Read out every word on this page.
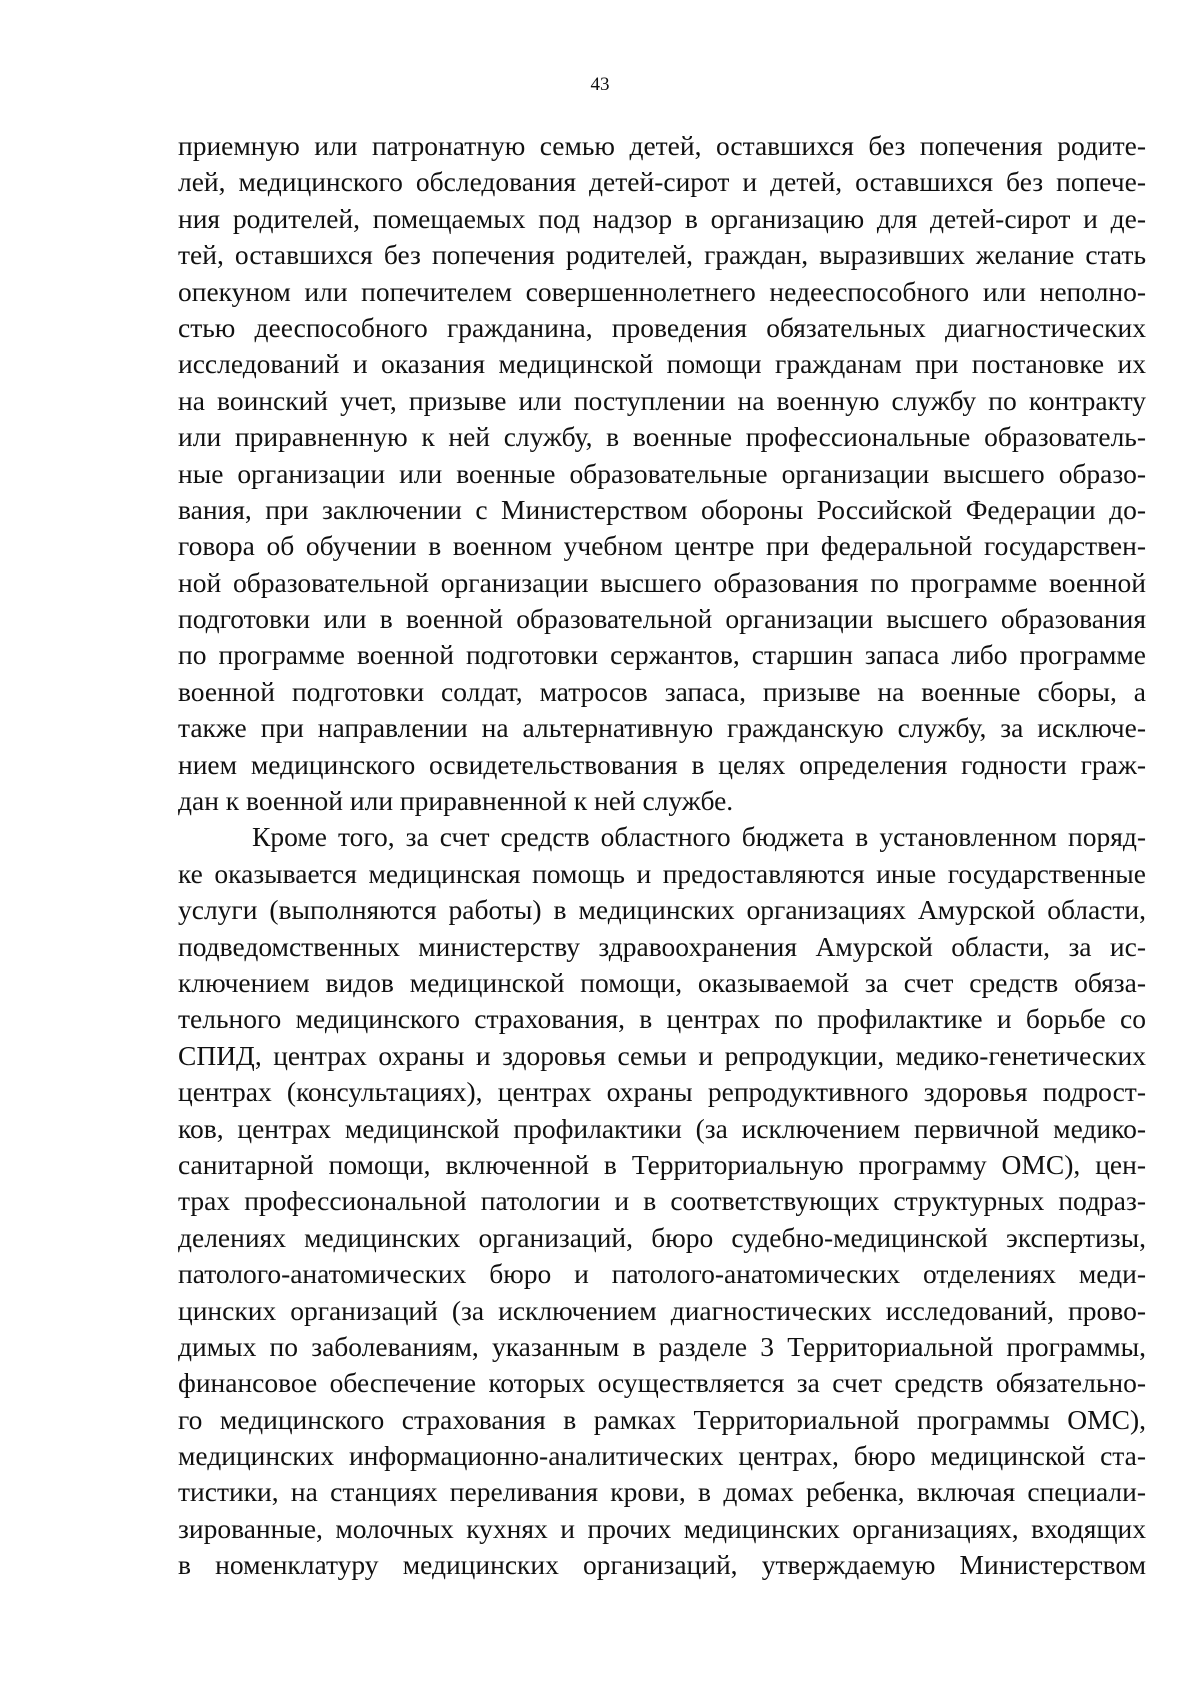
43
приемную или патронатную семью детей, оставшихся без попечения родите-
лей, медицинского обследования детей-сирот и детей, оставшихся без попече-
ния родителей, помещаемых под надзор в организацию для детей-сирот и де-
тей, оставшихся без попечения родителей, граждан, выразивших желание стать
опекуном или попечителем совершеннолетнего недееспособного или неполно-
стью дееспособного гражданина, проведения обязательных диагностических
исследований и оказания медицинской помощи гражданам при постановке их
на воинский учет, призыве или поступлении на военную службу по контракту
или приравненную к ней службу, в военные профессиональные образователь-
ные организации или военные образовательные организации высшего образо-
вания, при заключении с Министерством обороны Российской Федерации до-
говора об обучении в военном учебном центре при федеральной государствен-
ной образовательной организации высшего образования по программе военной
подготовки или в военной образовательной организации высшего образования
по программе военной подготовки сержантов, старшин запаса либо программе
военной подготовки солдат, матросов запаса, призыве на военные сборы, а
также при направлении на альтернативную гражданскую службу, за исключе-
нием медицинского освидетельствования в целях определения годности граж-
дан к военной или приравненной к ней службе.
Кроме того, за счет средств областного бюджета в установленном поряд-
ке оказывается медицинская помощь и предоставляются иные государственные
услуги (выполняются работы) в медицинских организациях Амурской области,
подведомственных министерству здравоохранения Амурской области, за ис-
ключением видов медицинской помощи, оказываемой за счет средств обяза-
тельного медицинского страхования, в центрах по профилактике и борьбе со
СПИД, центрах охраны и здоровья семьи и репродукции, медико-генетических
центрах (консультациях), центрах охраны репродуктивного здоровья подрост-
ков, центрах медицинской профилактики (за исключением первичной медико-
санитарной помощи, включенной в Территориальную программу ОМС), цен-
трах профессиональной патологии и в соответствующих структурных подраз-
делениях медицинских организаций, бюро судебно-медицинской экспертизы,
патолого-анатомических бюро и патолого-анатомических отделениях меди-
цинских организаций (за исключением диагностических исследований, прово-
димых по заболеваниям, указанным в разделе 3 Территориальной программы,
финансовое обеспечение которых осуществляется за счет средств обязательно-
го медицинского страхования в рамках Территориальной программы ОМС),
медицинских информационно-аналитических центрах, бюро медицинской ста-
тистики, на станциях переливания крови, в домах ребенка, включая специали-
зированные, молочных кухнях и прочих медицинских организациях, входящих
в номенклатуру медицинских организаций, утверждаемую Министерством
